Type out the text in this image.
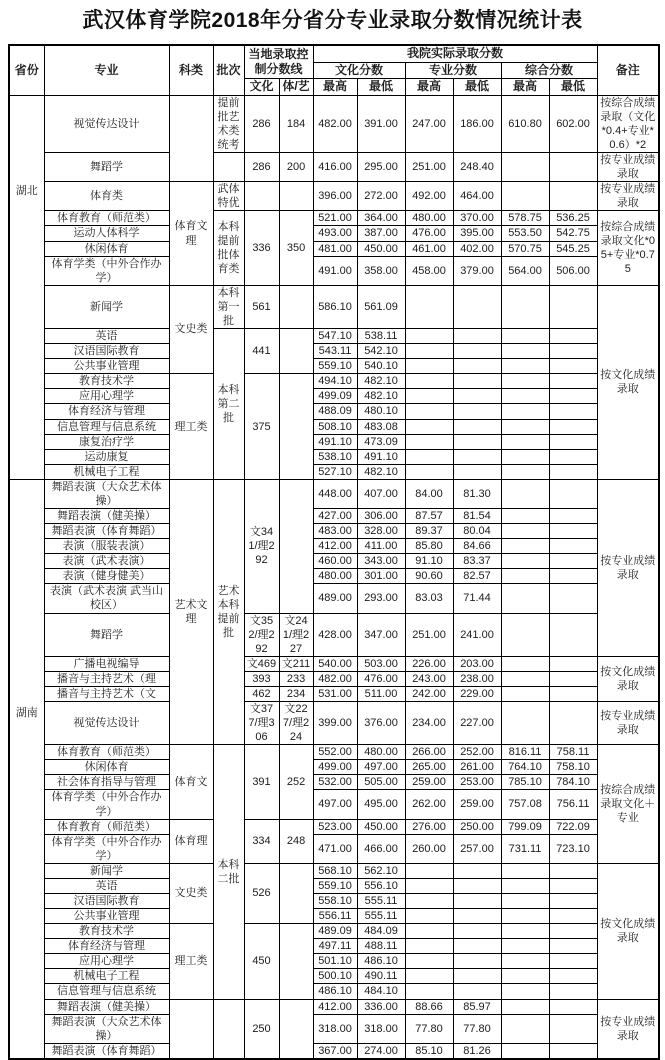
武汉体育学院2018年分省分专业录取分数情况统计表
省份	专业	科类	批次	当地录取控制分数线		我院实际录取分数						备注
						文化分数		专业分数		综合分数		
				文化	体/艺	最高	最低	最高	最低	最高	最低	
湖北	视觉传达设计		提前批艺术类统考	286	184	482.00	391.00	247.00	186.00	610.80	602.00	按综合成绩录取（文化*0.4+专业*0.6）*2
	舞蹈学			286	200	416.00	295.00	251.00	248.40			按专业成绩录取
	体育类	体育文理	武体特优			396.00	272.00	492.00	464.00			按专业成绩录取
	体育教育（师范类）		本科提前批体育类	336	350	521.00	364.00	480.00	370.00	578.75	536.25	按综合成绩录取文化*05+专业*0.75
	运动人体科学					493.00	387.00	476.00	395.00	553.50	542.75	
	休闲体育					481.00	450.00	461.00	402.00	570.75	545.25	
	体育学类（中外合作办学）					491.00	358.00	458.00	379.00	564.00	506.00	
	新闻学	文史类	本科第一批	561		586.10	561.09					按文化成绩录取
	英语		本科第二批	441		547.10	538.11					
	汉语国际教育					543.11	542.10					
	公共事业管理					559.10	540.10					
	教育技术学	理工类		375		494.10	482.10					
	应用心理学					499.09	482.10					
	体育经济与管理					488.09	480.10					
	信息管理与信息系统					508.10	483.08					
	康复治疗学					491.10	473.09					
	运动康复					538.10	491.10					
	机械电子工程					527.10	482.10					
湖南	舞蹈表演（大众艺术体操）	艺术文理	艺术本科提前批	文341/理292		448.00	407.00	84.00	81.30			按专业成绩录取
	舞蹈表演（健美操）					427.00	306.00	87.57	81.54			
	舞蹈表演（体育舞蹈）					483.00	328.00	89.37	80.04			
	表演（服装表演）					412.00	411.00	85.80	84.66			
	表演（武术表演）					460.00	343.00	91.10	83.37			
	表演（健身健美）					480.00	301.00	90.60	82.57			
	表演（武术表演 武当山校区）					489.00	293.00	83.03	71.44			
	舞蹈学			文352/理292	文241/理227	428.00	347.00	251.00	241.00			
	广播电视编导			文469	文211	540.00	503.00	226.00	203.00			按文化成绩录取
	播音与主持艺术（理			393	233	482.00	476.00	243.00	238.00			
	播音与主持艺术（文			462	234	531.00	511.00	242.00	229.00			
	视觉传达设计			文377/理306	文227/理224	399.00	376.00	234.00	227.00			按专业成绩录取
	体育教育（师范类）	体育文	本科二批	391	252	552.00	480.00	266.00	252.00	816.11	758.11	按综合成绩录取文化＋专业
	休闲体育					499.00	497.00	265.00	261.00	764.10	758.10	
	社会体育指导与管理					532.00	505.00	259.00	253.00	785.10	784.10	
	体育学类（中外合作办学）					497.00	495.00	262.00	259.00	757.08	756.11	
	体育教育（师范类）	体育理		334	248	523.00	450.00	276.00	250.00	799.09	722.09	
	体育学类（中外合作办学）					471.00	466.00	260.00	257.00	731.11	723.10	
	新闻学	文史类		526		568.10	562.10					按文化成绩录取
	英语					559.10	556.10					
	汉语国际教育					558.10	555.11					
	公共事业管理					556.11	555.11					
	教育技术学	理工类		450		489.09	484.09					
	体育经济与管理					497.11	488.11					
	应用心理学					501.10	486.10					
	机械电子工程					500.10	490.11					
	信息管理与信息系统					486.10	484.10					
	舞蹈表演（健美操）			250		412.00	336.00	88.66	85.97			按专业成绩录取
	舞蹈表演（大众艺术体操）					318.00	318.00	77.80	77.80			
	舞蹈表演（体育舞蹈）					367.00	274.00	85.10	81.26			
